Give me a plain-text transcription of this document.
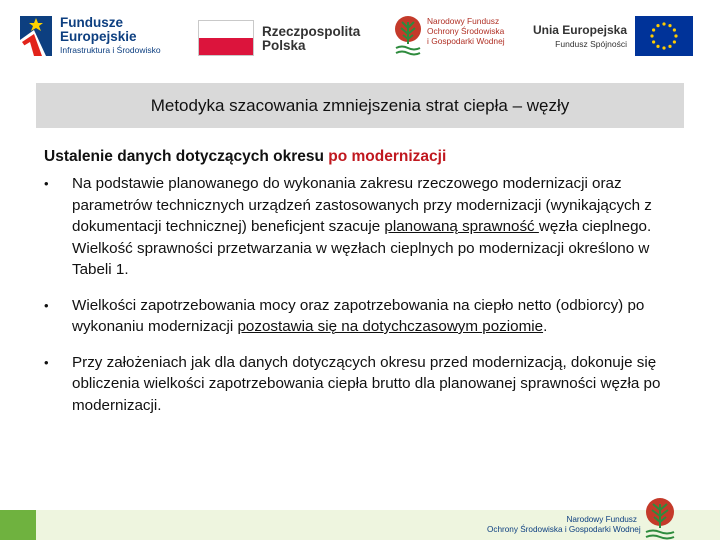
Fundusze
Europejskie
Infrastruktura i Środowisko
Rzeczpospolita
Polska
Narodowy Fundusz
Ochrony Środowiska
i Gospodarki Wodnej
Unia Europejska
Fundusz Spójności
Metodyka szacowania zmniejszenia strat ciepła – węzły
Ustalenie danych dotyczących okresu po modernizacji
• Na podstawie planowanego do wykonania zakresu rzeczowego modernizacji oraz parametrów technicznych urządzeń zastosowanych przy modernizacji (wynikających z dokumentacji technicznej) beneficjent szacuje planowaną sprawność węzła cieplnego. Wielkość sprawności przetwarzania w węzłach cieplnych po modernizacji określono w Tabeli 1.
• Wielkości zapotrzebowania mocy oraz zapotrzebowania na ciepło netto (odbiorcy) po wykonaniu modernizacji pozostawia się na dotychczasowym poziomie.
• Przy założeniach jak dla danych dotyczących okresu przed modernizacją, dokonuje się obliczenia wielkości zapotrzebowania ciepła brutto dla planowanej sprawności węzła po modernizacji.
Narodowy Fundusz
Ochrony Środowiska i Gospodarki Wodnej
